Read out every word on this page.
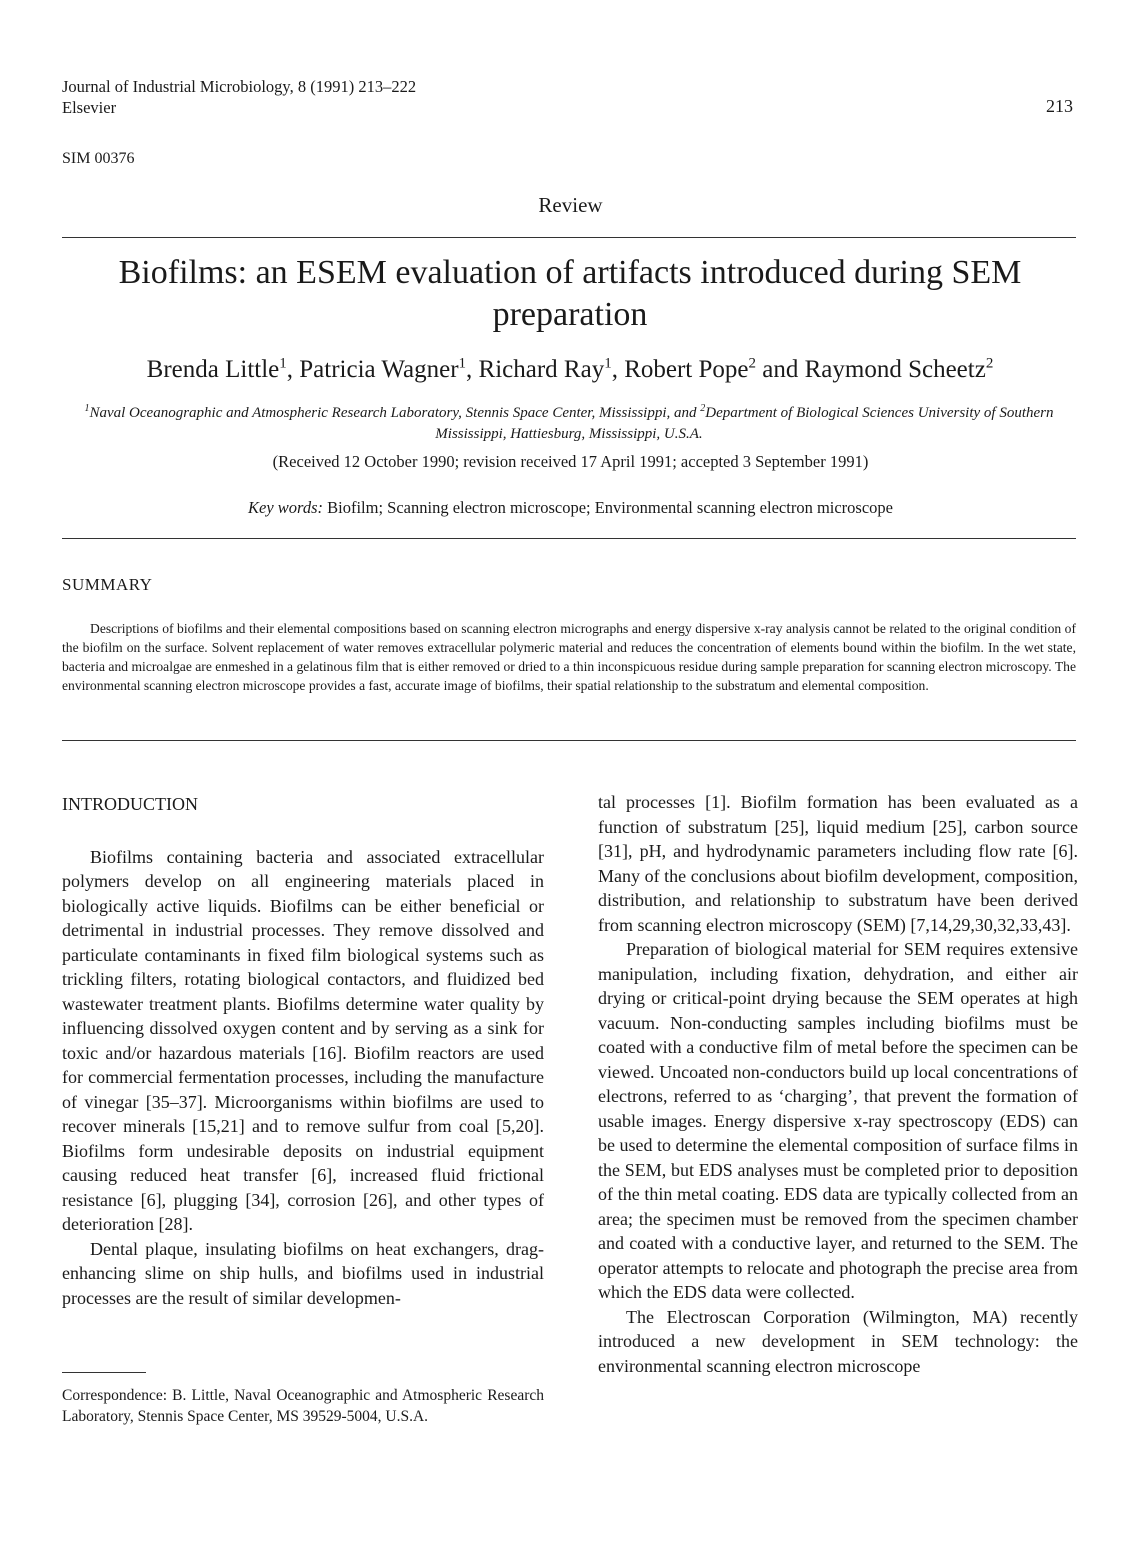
Journal of Industrial Microbiology, 8 (1991) 213–222
Elsevier	213
SIM 00376
Review
Biofilms: an ESEM evaluation of artifacts introduced during SEM preparation
Brenda Little$^1$, Patricia Wagner$^1$, Richard Ray$^1$, Robert Pope$^2$ and Raymond Scheetz$^2$
$^1$Naval Oceanographic and Atmospheric Research Laboratory, Stennis Space Center, Mississippi, and $^2$Department of Biological Sciences University of Southern Mississippi, Hattiesburg, Mississippi, U.S.A.
(Received 12 October 1990; revision received 17 April 1991; accepted 3 September 1991)
Key words: Biofilm; Scanning electron microscope; Environmental scanning electron microscope
SUMMARY

Descriptions of biofilms and their elemental compositions based on scanning electron micrographs and energy dispersive x-ray analysis cannot be related to the original condition of the biofilm on the surface. Solvent replacement of water removes extracellular polymeric material and reduces the concentration of elements bound within the biofilm. In the wet state, bacteria and microalgae are enmeshed in a gelatinous film that is either removed or dried to a thin inconspicuous residue during sample preparation for scanning electron microscopy. The environmental scanning electron microscope provides a fast, accurate image of biofilms, their spatial relationship to the substratum and elemental composition.

INTRODUCTION

Biofilms containing bacteria and associated extracellular polymers develop on all engineering materials placed in biologically active liquids. Biofilms can be either beneficial or detrimental in industrial processes. They remove dissolved and particulate contaminants in fixed film biological systems such as trickling filters, rotating biological contactors, and fluidized bed wastewater treatment plants. Biofilms determine water quality by influencing dissolved oxygen content and by serving as a sink for toxic and/or hazardous materials [16]. Biofilm reactors are used for commercial fermentation processes, including the manufacture of vinegar [35–37]. Microorganisms within biofilms are used to recover minerals [15,21] and to remove sulfur from coal [5,20]. Biofilms form undesirable deposits on industrial equipment causing reduced heat transfer [6], increased fluid frictional resistance [6], plugging [34], corrosion [26], and other types of deterioration [28].

Dental plaque, insulating biofilms on heat exchangers, drag-enhancing slime on ship hulls, and biofilms used in industrial processes are the result of similar developmen-

tal processes [1]. Biofilm formation has been evaluated as a function of substratum [25], liquid medium [25], carbon source [31], pH, and hydrodynamic parameters including flow rate [6]. Many of the conclusions about biofilm development, composition, distribution, and relationship to substratum have been derived from scanning electron microscopy (SEM) [7,14,29,30,32,33,43].

Preparation of biological material for SEM requires extensive manipulation, including fixation, dehydration, and either air drying or critical-point drying because the SEM operates at high vacuum. Non-conducting samples including biofilms must be coated with a conductive film of metal before the specimen can be viewed. Uncoated non-conductors build up local concentrations of electrons, referred to as ‘charging’, that prevent the formation of usable images. Energy dispersive x-ray spectroscopy (EDS) can be used to determine the elemental composition of surface films in the SEM, but EDS analyses must be completed prior to deposition of the thin metal coating. EDS data are typically collected from an area; the specimen must be removed from the specimen chamber and coated with a conductive layer, and returned to the SEM. The operator attempts to relocate and photograph the precise area from which the EDS data were collected.

The Electroscan Corporation (Wilmington, MA) recently introduced a new development in SEM technology: the environmental scanning electron microscope

Correspondence: B. Little, Naval Oceanographic and Atmospheric Research Laboratory, Stennis Space Center, MS 39529-5004, U.S.A.
